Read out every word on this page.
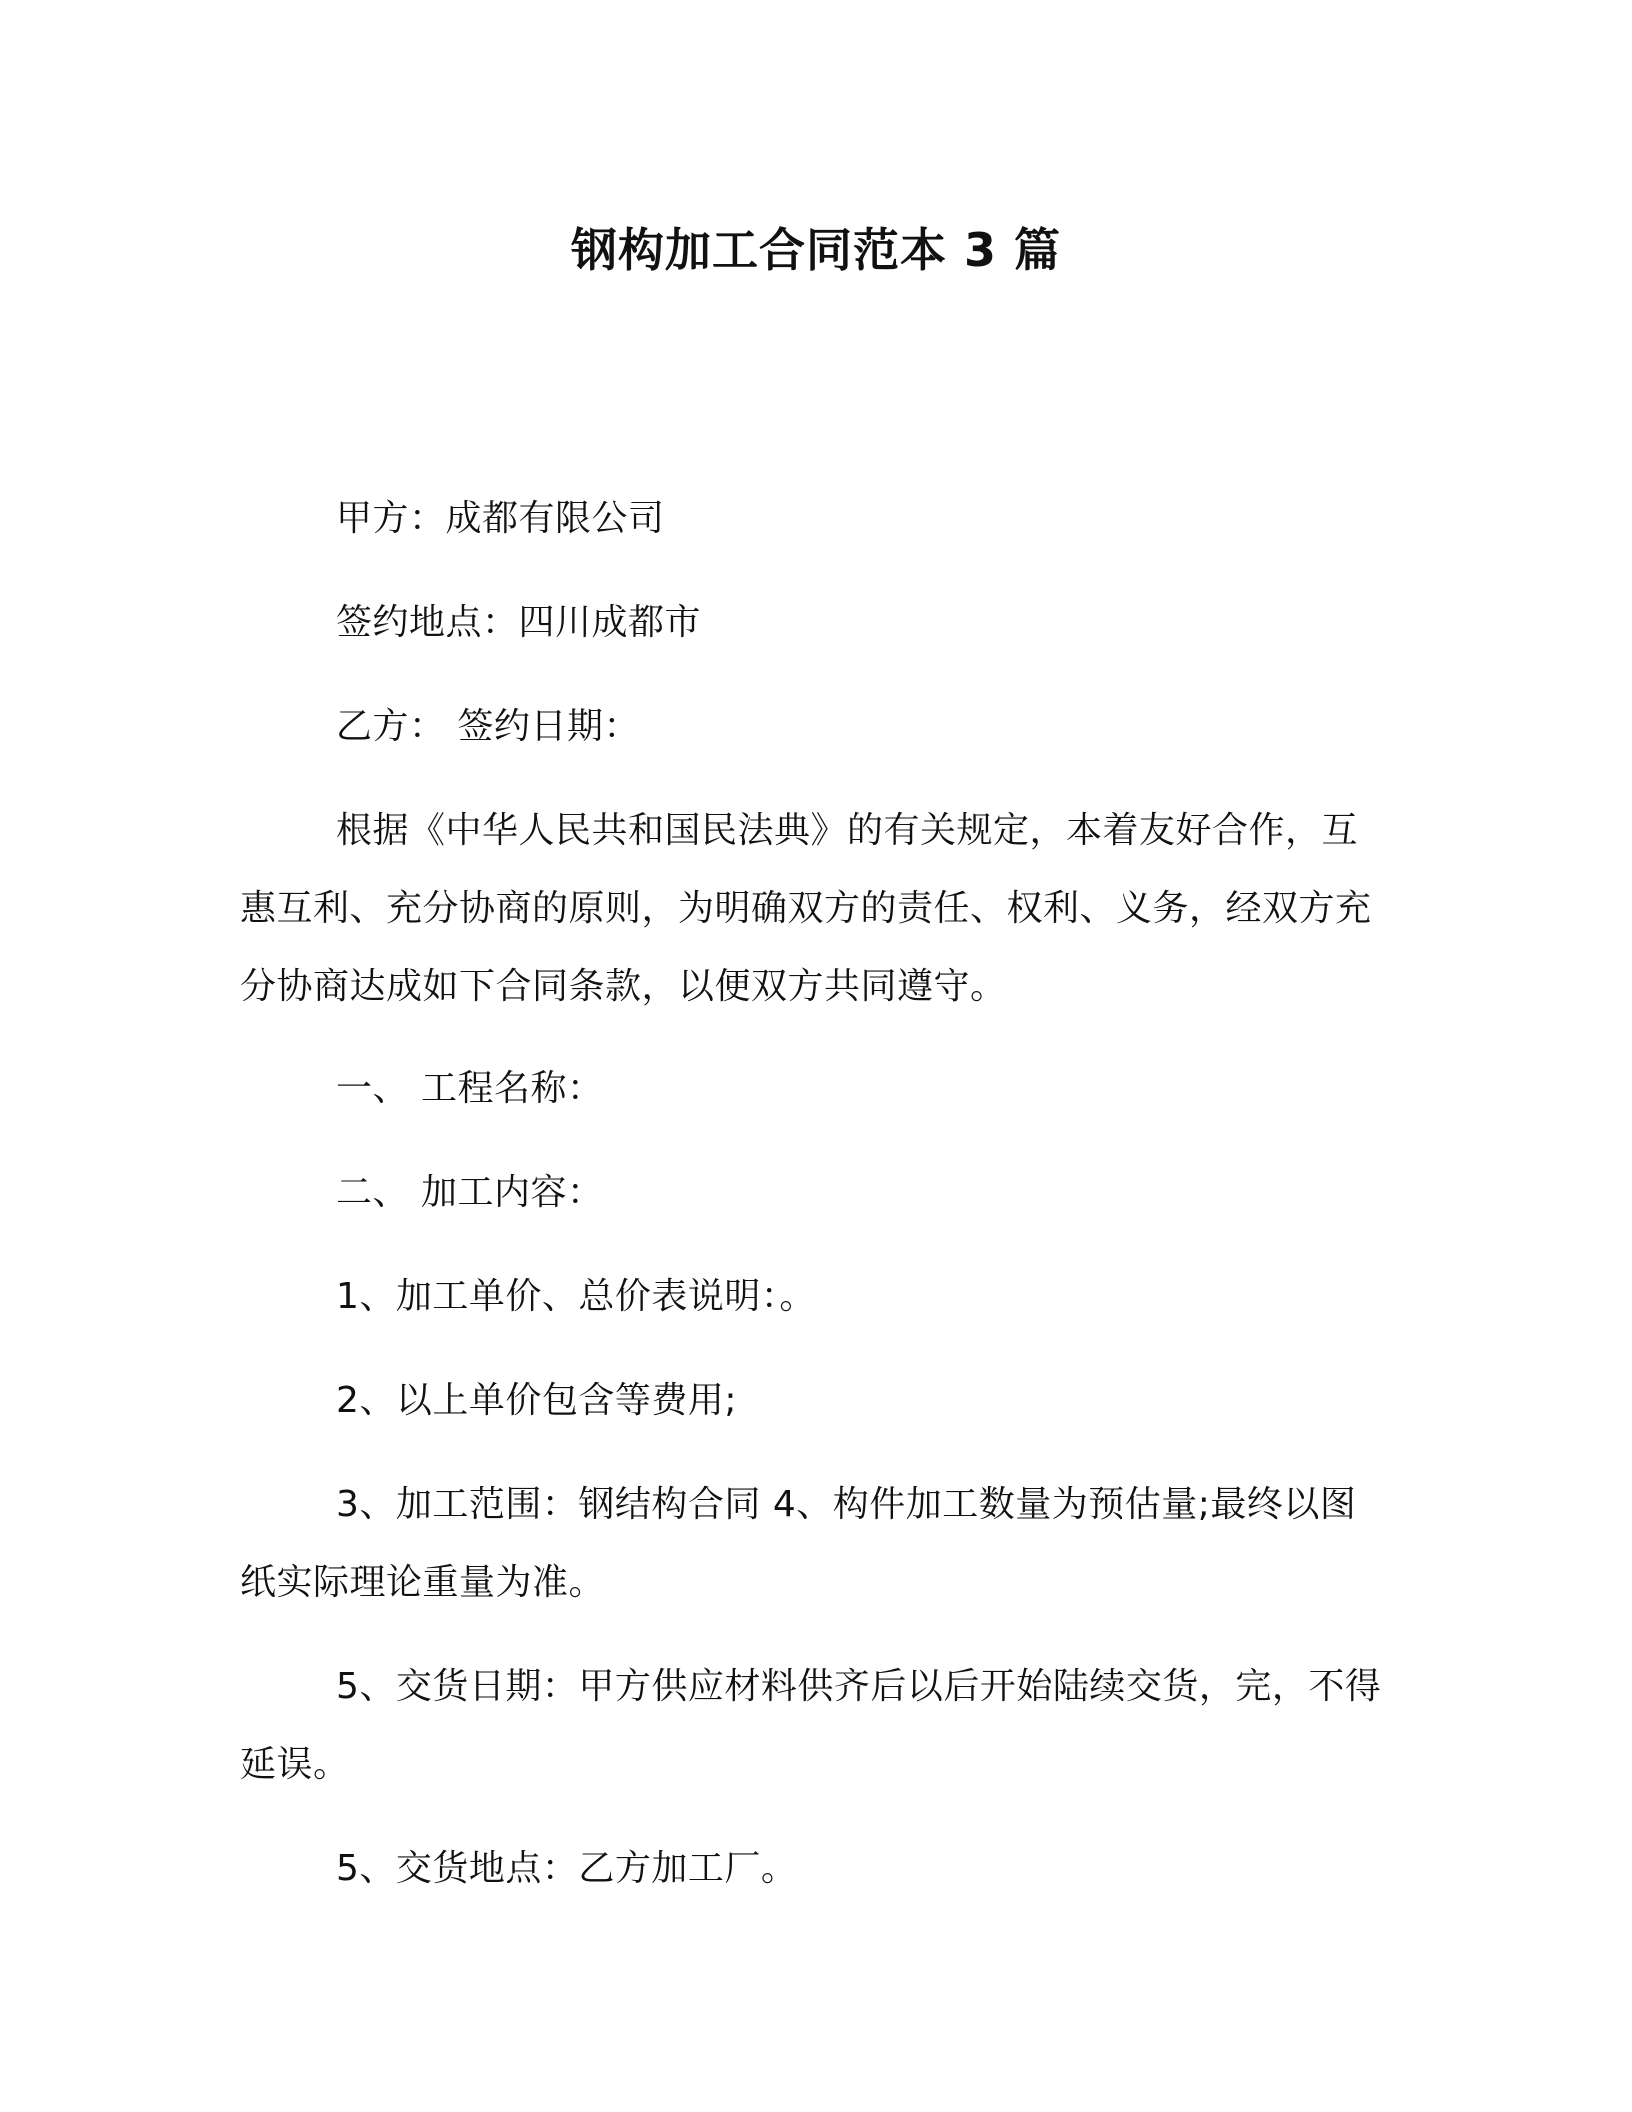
钢构加工合同范本 3 篇
甲方：成都有限公司
签约地点：四川成都市
乙方： 签约日期：
根据《中华人民共和国民法典》的有关规定，本着友好合作，互惠互利、充分协商的原则，为明确双方的责任、权利、义务，经双方充分协商达成如下合同条款，以便双方共同遵守。
一、 工程名称：
二、 加工内容：
1、加工单价、总价表说明：。
2、以上单价包含等费用;
3、加工范围：钢结构合同 4、构件加工数量为预估量;最终以图纸实际理论重量为准。
5、交货日期：甲方供应材料供齐后以后开始陆续交货，完，不得延误。
5、交货地点：乙方加工厂。
